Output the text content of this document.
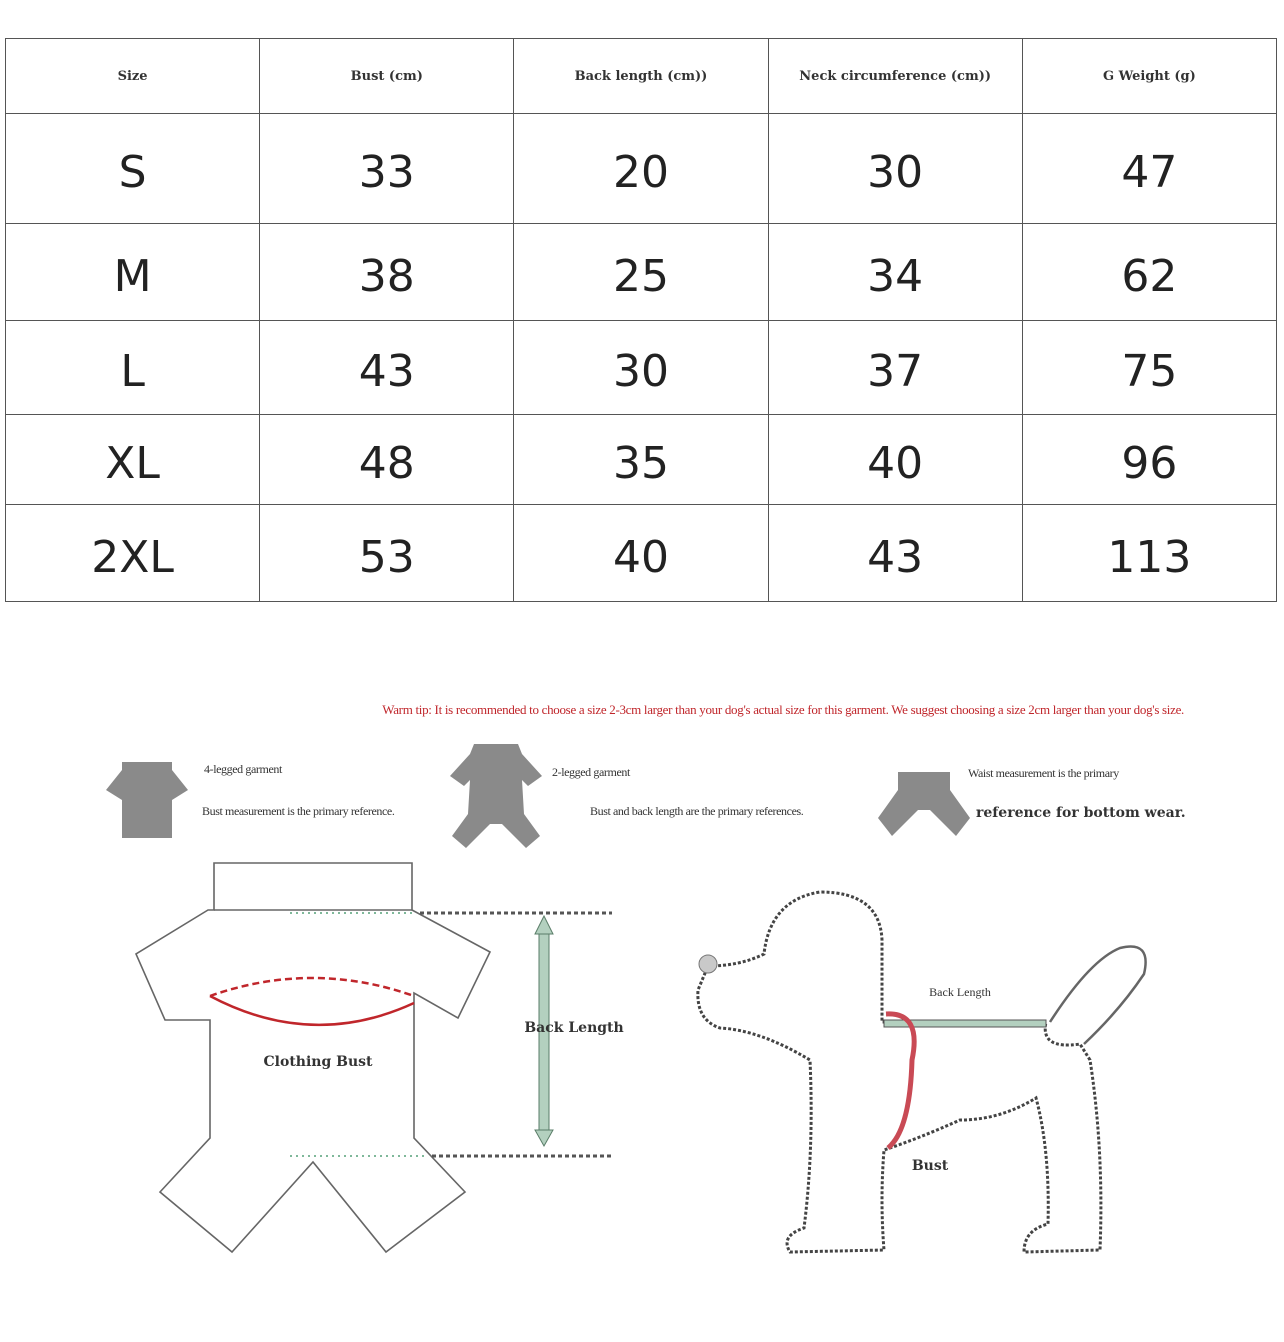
Size	Bust (cm)	Back length (cm))	Neck circumference (cm))	G Weight (g)
S	33	20	30	47
M	38	25	34	62
L	43	30	37	75
XL	48	35	40	96
2XL	53	40	43	113
Warm tip: It is recommended to choose a size 2-3cm larger than your dog's actual size for this garment. We suggest choosing a size 2cm larger than your dog's size.
4-legged garment
Bust measurement is the primary reference.
2-legged garment
Bust and back length are the primary references.
Waist measurement is the primary
reference for bottom wear.
Clothing Bust
Back Length
Back Length
Bust
